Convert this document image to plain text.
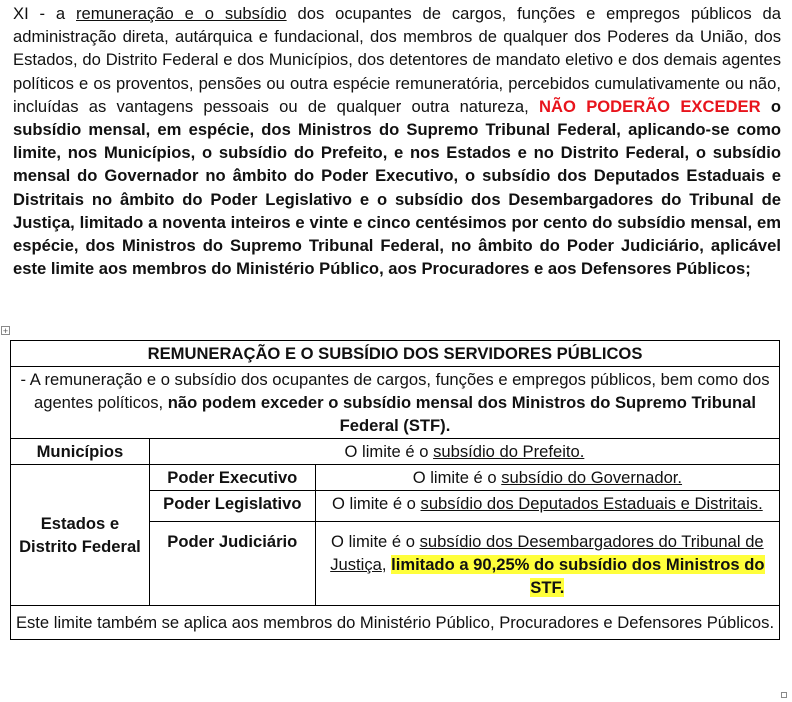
XI - a remuneração e o subsídio dos ocupantes de cargos, funções e empregos públicos da administração direta, autárquica e fundacional, dos membros de qualquer dos Poderes da União, dos Estados, do Distrito Federal e dos Municípios, dos detentores de mandato eletivo e dos demais agentes políticos e os proventos, pensões ou outra espécie remuneratória, percebidos cumulativamente ou não, incluídas as vantagens pessoais ou de qualquer outra natureza, NÃO PODERÃO EXCEDER o subsídio mensal, em espécie, dos Ministros do Supremo Tribunal Federal, aplicando-se como limite, nos Municípios, o subsídio do Prefeito, e nos Estados e no Distrito Federal, o subsídio mensal do Governador no âmbito do Poder Executivo, o subsídio dos Deputados Estaduais e Distritais no âmbito do Poder Legislativo e o subsídio dos Desembargadores do Tribunal de Justiça, limitado a noventa inteiros e vinte e cinco centésimos por cento do subsídio mensal, em espécie, dos Ministros do Supremo Tribunal Federal, no âmbito do Poder Judiciário, aplicável este limite aos membros do Ministério Público, aos Procuradores e aos Defensores Públicos;

+
REMUNERAÇÃO E O SUBSÍDIO DOS SERVIDORES PÚBLICOS		
- A remuneração e o subsídio dos ocupantes de cargos, funções e empregos públicos, bem como dos agentes políticos, não podem exceder o subsídio mensal dos Ministros do Supremo Tribunal Federal (STF).		
Municípios	O limite é o subsídio do Prefeito.	
Estados e Distrito Federal	Poder Executivo	O limite é o subsídio do Governador.
	Poder Legislativo	O limite é o subsídio dos Deputados Estaduais e Distritais.
	Poder Judiciário	O limite é o subsídio dos Desembargadores do Tribunal de Justiça, limitado a 90,25% do subsídio dos Ministros do STF.
Este limite também se aplica aos membros do Ministério Público, Procuradores e Defensores Públicos.		
